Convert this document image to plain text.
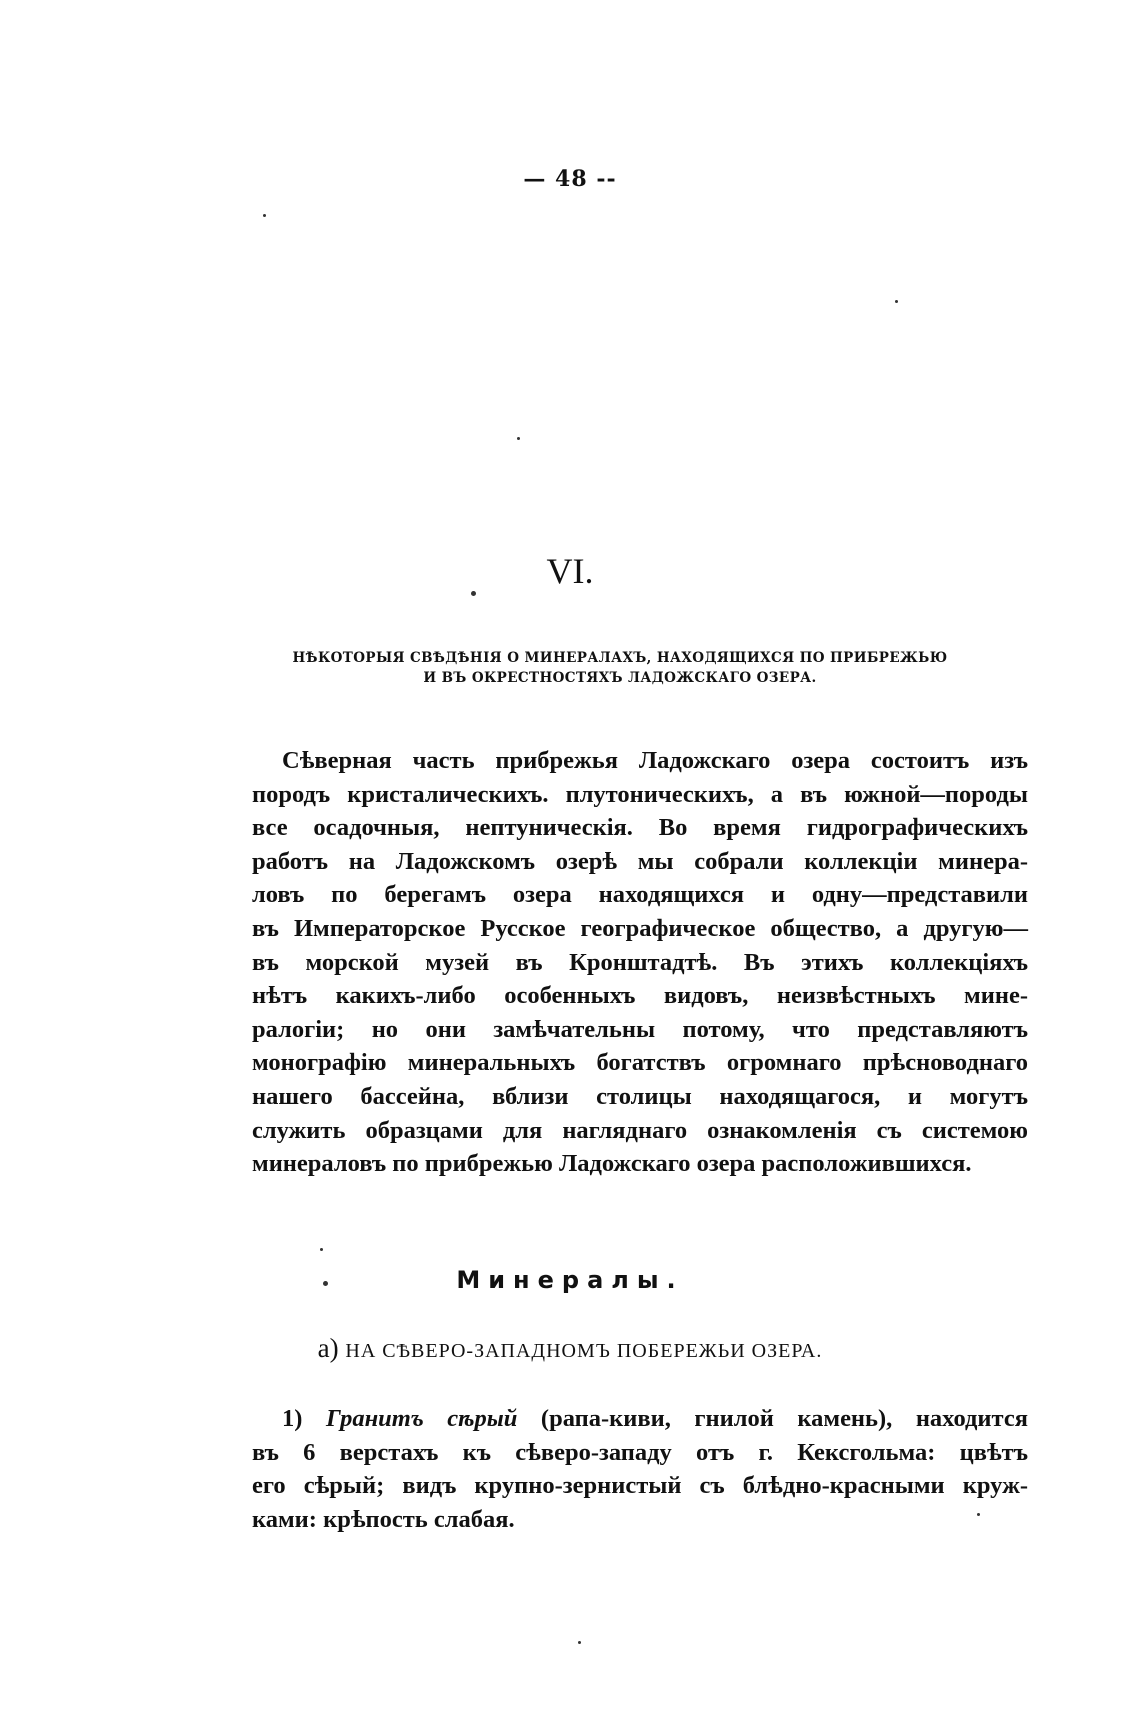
— 48 --
VI.
НѢКОТОРЫЯ СВѢДѢНІЯ О МИНЕРАЛАХЪ, НАХОДЯЩИХСЯ ПО ПРИБРЕЖЬЮ
И ВЪ ОКРЕСТНОСТЯХЪ ЛАДОЖСКАГО ОЗЕРА.
Сѣверная часть прибрежья Ладожскаго озера состоитъ изъ
породъ кристалическихъ. плутоническихъ, а въ южной—породы
все осадочныя, нептуническія. Во время гидрографическихъ
работъ на Ладожскомъ озерѣ мы собрали коллекціи минера-
ловъ по берегамъ озера находящихся и одну—представили
въ Императорское Русское географическое общество, а другую—
въ морской музей въ Кронштадтѣ. Въ этихъ коллекціяхъ
нѣтъ какихъ-либо особенныхъ видовъ, неизвѣстныхъ мине-
ралогіи; но они замѣчательны потому, что представляютъ
монографію минеральныхъ богатствъ огромнаго прѣсноводнаго
нашего бассейна, вблизи столицы находящагося, и могутъ
служить образцами для нагляднаго ознакомленія съ системою
минераловъ по прибрежью Ладожскаго озера расположившихся.
Минералы.
а) НА СѢВЕРО-ЗАПАДНОМЪ ПОБЕРЕЖЬИ ОЗЕРА.
1) Гранитъ сѣрый (рапа-киви, гнилой камень), находится
въ 6 верстахъ къ сѣверо-западу отъ г. Кексгольма: цвѣтъ
его сѣрый; видъ крупно-зернистый съ блѣдно-красными круж-
ками: крѣпость слабая.
